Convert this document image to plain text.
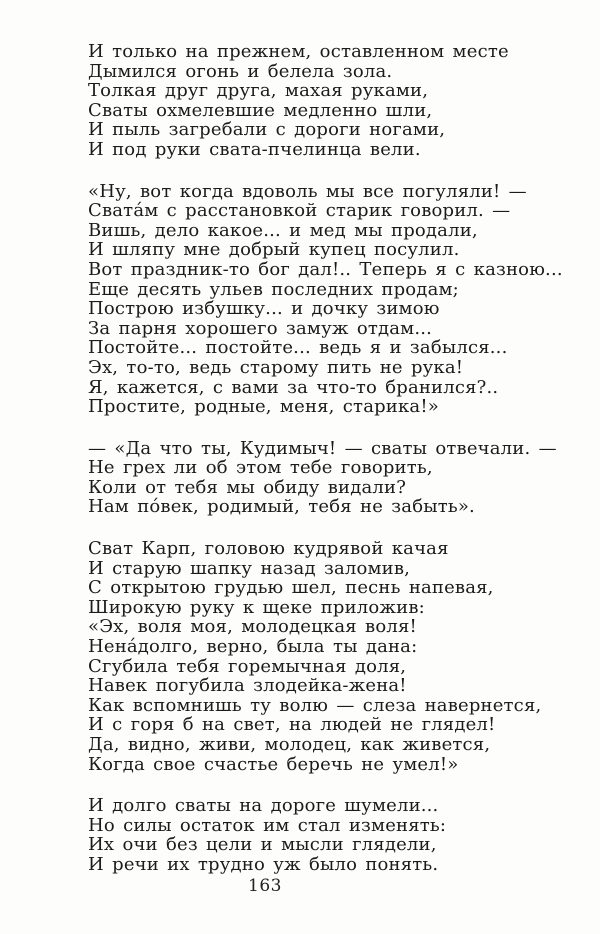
И только на прежнем, оставленном месте
Дымился огонь и белела зола.
Толкая друг друга, махая руками,
Сваты охмелевшие медленно шли,
И пыль загребали с дороги ногами,
И под руки свата-пчелинца вели.
«Ну, вот когда вдоволь мы все погуляли! —
Свата́м с расстановкой старик говорил. —
Вишь, дело какое... и мед мы продали,
И шляпу мне добрый купец посулил.
Вот праздник-то бог дал!.. Теперь я с казною...
Еще десять ульев последних продам;
Построю избушку... и дочку зимою
За парня хорошего замуж отдам...
Постойте... постойте... ведь я и забылся...
Эх, то-то, ведь старому пить не рука!
Я, кажется, с вами за что-то бранился?..
Простите, родные, меня, старика!»
— «Да что ты, Кудимыч! — сваты отвечали. —
Не грех ли об этом тебе говорить,
Коли от тебя мы обиду видали?
Нам по́век, родимый, тебя не забыть».
Сват Карп, головою кудрявой качая
И старую шапку назад заломив,
С открытою грудью шел, песнь напевая,
Широкую руку к щеке приложив:
«Эх, воля моя, молодецкая воля!
Нена́долго, верно, была ты дана:
Сгубила тебя горемычная доля,
Навек погубила злодейка-жена!
Как вспомнишь ту волю — слеза навернется,
И с горя б на свет, на людей не глядел!
Да, видно, живи, молодец, как живется,
Когда свое счастье беречь не умел!»
И долго сваты на дороге шумели...
Но силы остаток им стал изменять:
Их очи без цели и мысли глядели,
И речи их трудно уж было понять.
163
